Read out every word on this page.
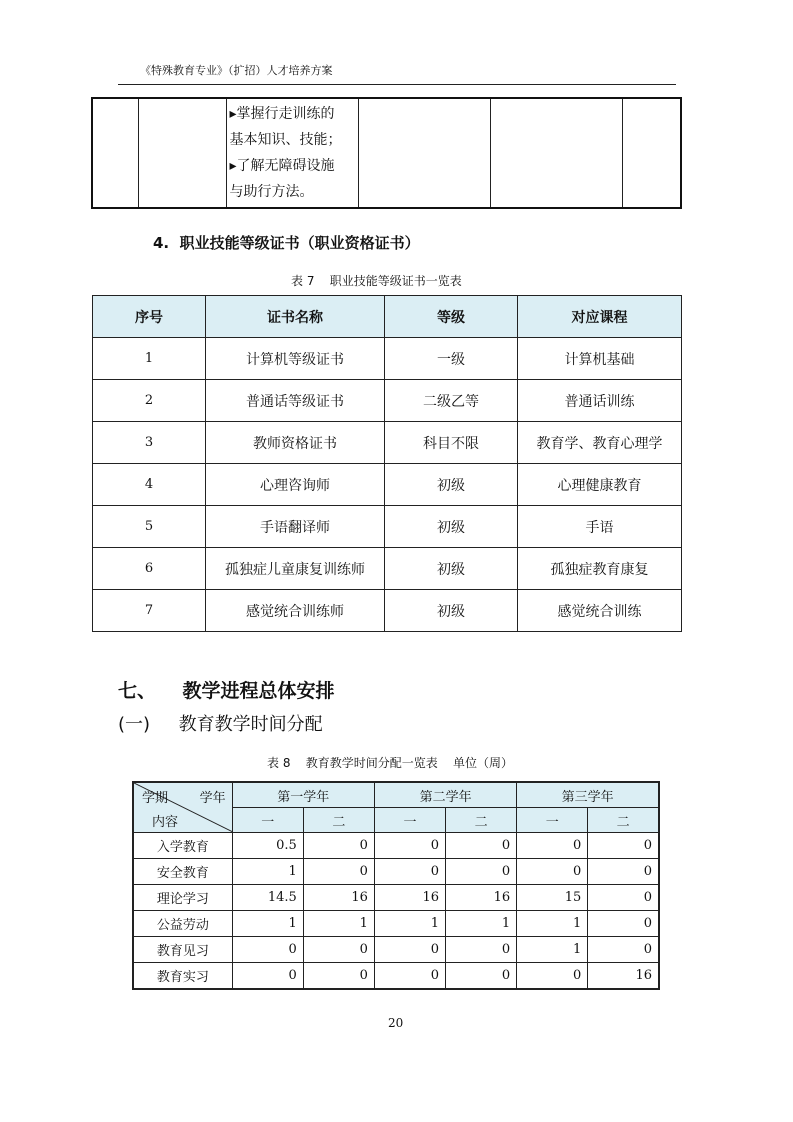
《特殊教育专业》（扩招）人才培养方案

▸掌握行走训练的
基本知识、技能；
▸了解无障碍设施
与助行方法。

4.  职业技能等级证书（职业资格证书）
表 7    职业技能等级证书一览表
序号	证书名称	等级	对应课程
1	计算机等级证书	一级	计算机基础
2	普通话等级证书	二级乙等	普通话训练
3	教师资格证书	科目不限	教育学、教育心理学
4	心理咨询师	初级	心理健康教育
5	手语翻译师	初级	手语
6	孤独症儿童康复训练师	初级	孤独症教育康复
7	感觉统合训练师	初级	感觉统合训练
七、    教学进程总体安排
(一)     教育教学时间分配
表 8    教育教学时间分配一览表    单位（周）
学期 学年
内容	第一学年		第二学年		第三学年	
	一	二	一	二	一	二
入学教育	0.5	0	0	0	0	0
安全教育	1	0	0	0	0	0
理论学习	14.5	16	16	16	15	0
公益劳动	1	1	1	1	1	0
教育见习	0	0	0	0	1	0
教育实习	0	0	0	0	0	16
20
